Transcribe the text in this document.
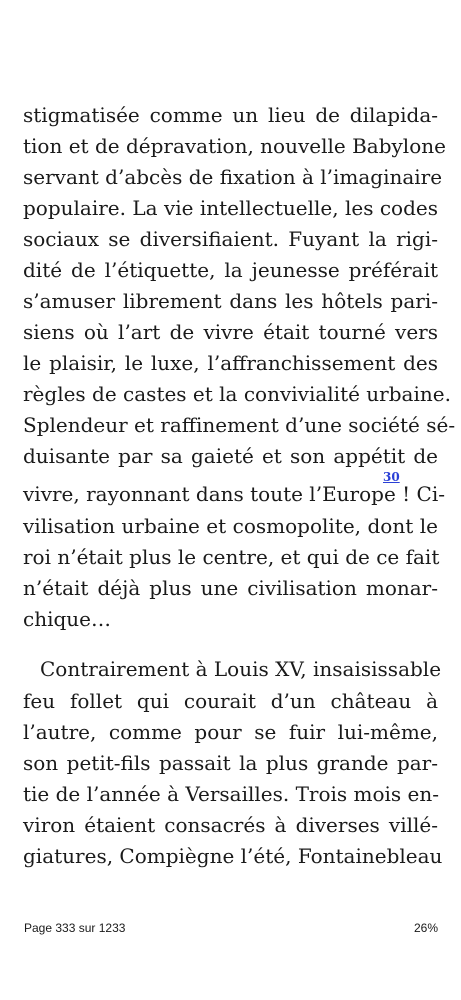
stigmatisée comme un lieu de dilapida-
tion et de dépravation, nouvelle Babylone
servant d’abcès de fixation à l’imaginaire
populaire. La vie intellectuelle, les codes
sociaux se diversifiaient. Fuyant la rigi-
dité de l’étiquette, la jeunesse préférait
s’amuser librement dans les hôtels pari-
siens où l’art de vivre était tourné vers
le plaisir, le luxe, l’affranchissement des
règles de castes et la convivialité urbaine.
Splendeur et raffinement d’une société sé-
duisante par sa gaieté et son appétit de
vivre, rayonnant dans toute l’Europe ! Ci-
vilisation urbaine et cosmopolite, dont le
roi n’était plus le centre, et qui de ce fait
n’était déjà plus une civilisation monar-
chique…
30
Contrairement à Louis XV, insaisissable
feu follet qui courait d’un château à
l’autre, comme pour se fuir lui-même,
son petit-fils passait la plus grande par-
tie de l’année à Versailles. Trois mois en-
viron étaient consacrés à diverses villé-
giatures, Compiègne l’été, Fontainebleau
Page 333 sur 1233	26%
